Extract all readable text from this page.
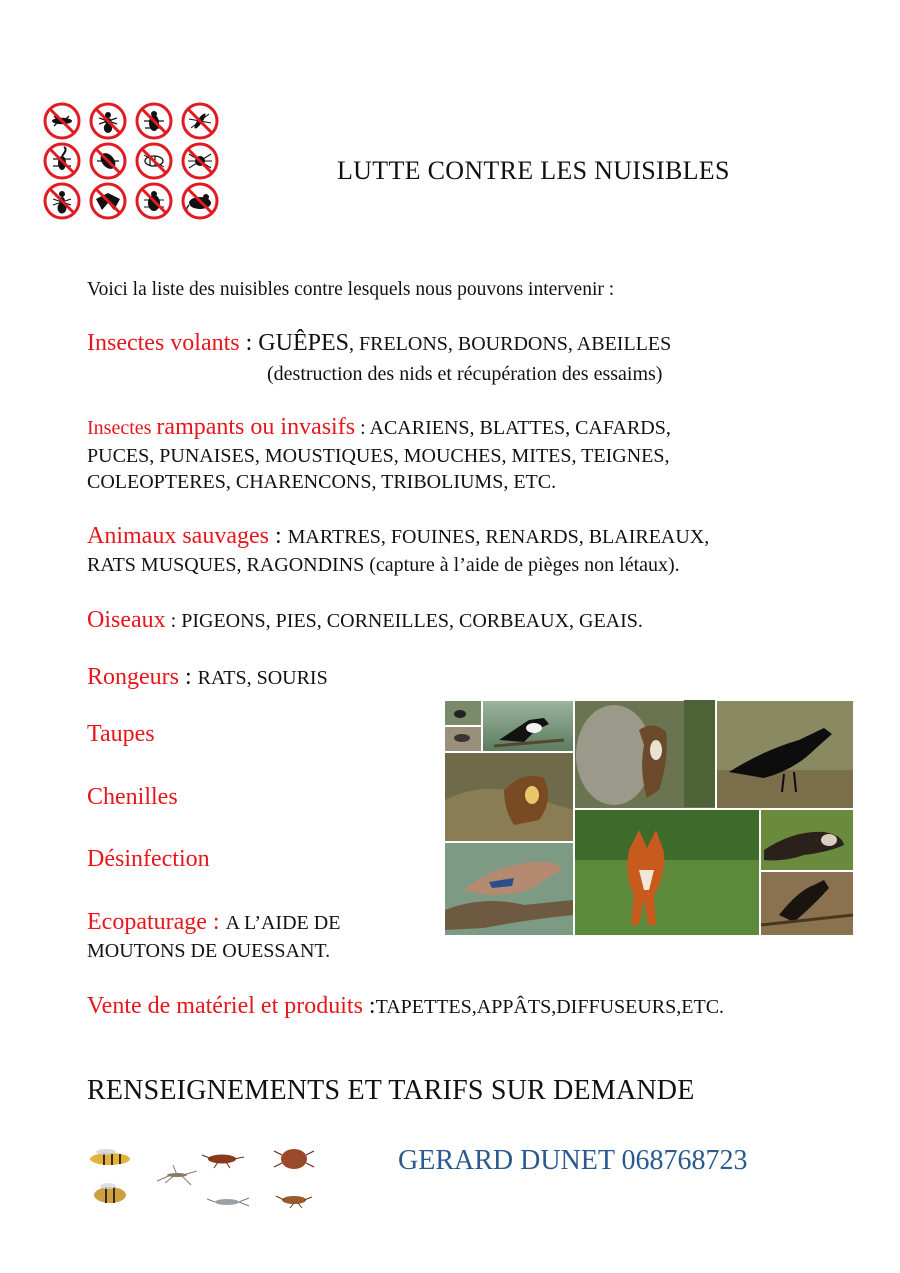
LUTTE CONTRE LES NUISIBLES
Voici la liste des nuisibles contre lesquels nous pouvons intervenir :
Insectes volants : GUÊPES, FRELONS, BOURDONS, ABEILLES
(destruction des nids et récupération des essaims)
Insectes rampants ou invasifs : ACARIENS, BLATTES, CAFARDS,
PUCES, PUNAISES, MOUSTIQUES, MOUCHES, MITES, TEIGNES,
COLEOPTERES, CHARENCONS, TRIBOLIUMS, ETC.
Animaux sauvages : MARTRES, FOUINES, RENARDS, BLAIREAUX,
RATS MUSQUES, RAGONDINS (capture à l’aide de pièges non létaux).
Oiseaux : PIGEONS, PIES, CORNEILLES, CORBEAUX, GEAIS.
Rongeurs : RATS, SOURIS
Taupes
Chenilles
Désinfection
Ecopaturage : A L’AIDE DE
MOUTONS DE OUESSANT.
Vente de matériel et produits :TAPETTES,APPÂTS,DIFFUSEURS,ETC.
RENSEIGNEMENTS ET TARIFS SUR DEMANDE
GERARD DUNET 068768723
